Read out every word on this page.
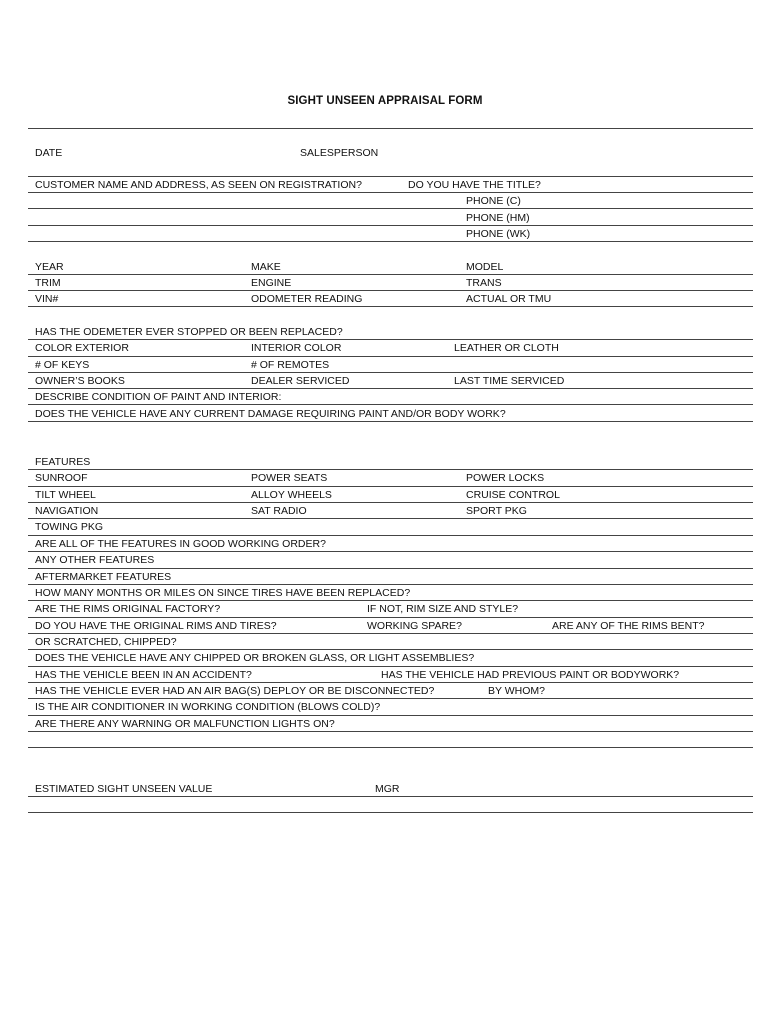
SIGHT UNSEEN APPRAISAL FORM
DATE	SALESPERSON
CUSTOMER NAME AND ADDRESS, AS SEEN ON REGISTRATION?	DO YOU HAVE THE TITLE?
PHONE (C)
PHONE (HM)
PHONE (WK)
YEAR	MAKE	MODEL
TRIM	ENGINE	TRANS
VIN#	ODOMETER READING	ACTUAL OR TMU
HAS THE ODEMETER EVER STOPPED OR BEEN REPLACED?
COLOR EXTERIOR	INTERIOR COLOR	LEATHER OR CLOTH
# OF KEYS	# OF REMOTES
OWNER’S BOOKS	DEALER SERVICED	LAST TIME SERVICED
DESCRIBE CONDITION OF PAINT AND INTERIOR:
DOES THE VEHICLE HAVE ANY CURRENT DAMAGE REQUIRING PAINT AND/OR BODY WORK?
FEATURES
SUNROOF	POWER SEATS	POWER LOCKS
TILT WHEEL	ALLOY WHEELS	CRUISE CONTROL
NAVIGATION	SAT RADIO	SPORT PKG
TOWING PKG
ARE ALL OF THE FEATURES IN GOOD WORKING ORDER?
ANY OTHER FEATURES
AFTERMARKET FEATURES
HOW MANY MONTHS OR MILES ON SINCE TIRES HAVE BEEN REPLACED?
ARE THE RIMS ORIGINAL FACTORY?	IF NOT, RIM SIZE AND STYLE?
DO YOU HAVE THE ORIGINAL RIMS AND TIRES?	WORKING SPARE?	ARE ANY OF THE RIMS BENT?
OR SCRATCHED, CHIPPED?
DOES THE VEHICLE HAVE ANY CHIPPED OR BROKEN GLASS, OR LIGHT ASSEMBLIES?
HAS THE VEHICLE BEEN IN AN ACCIDENT?	HAS THE VEHICLE HAD PREVIOUS PAINT OR BODYWORK?
HAS THE VEHICLE EVER HAD AN AIR BAG(S) DEPLOY OR BE DISCONNECTED?	BY WHOM?
IS THE AIR CONDITIONER IN WORKING CONDITION (BLOWS COLD)?
ARE THERE ANY WARNING OR MALFUNCTION LIGHTS ON?
ESTIMATED SIGHT UNSEEN VALUE	MGR
